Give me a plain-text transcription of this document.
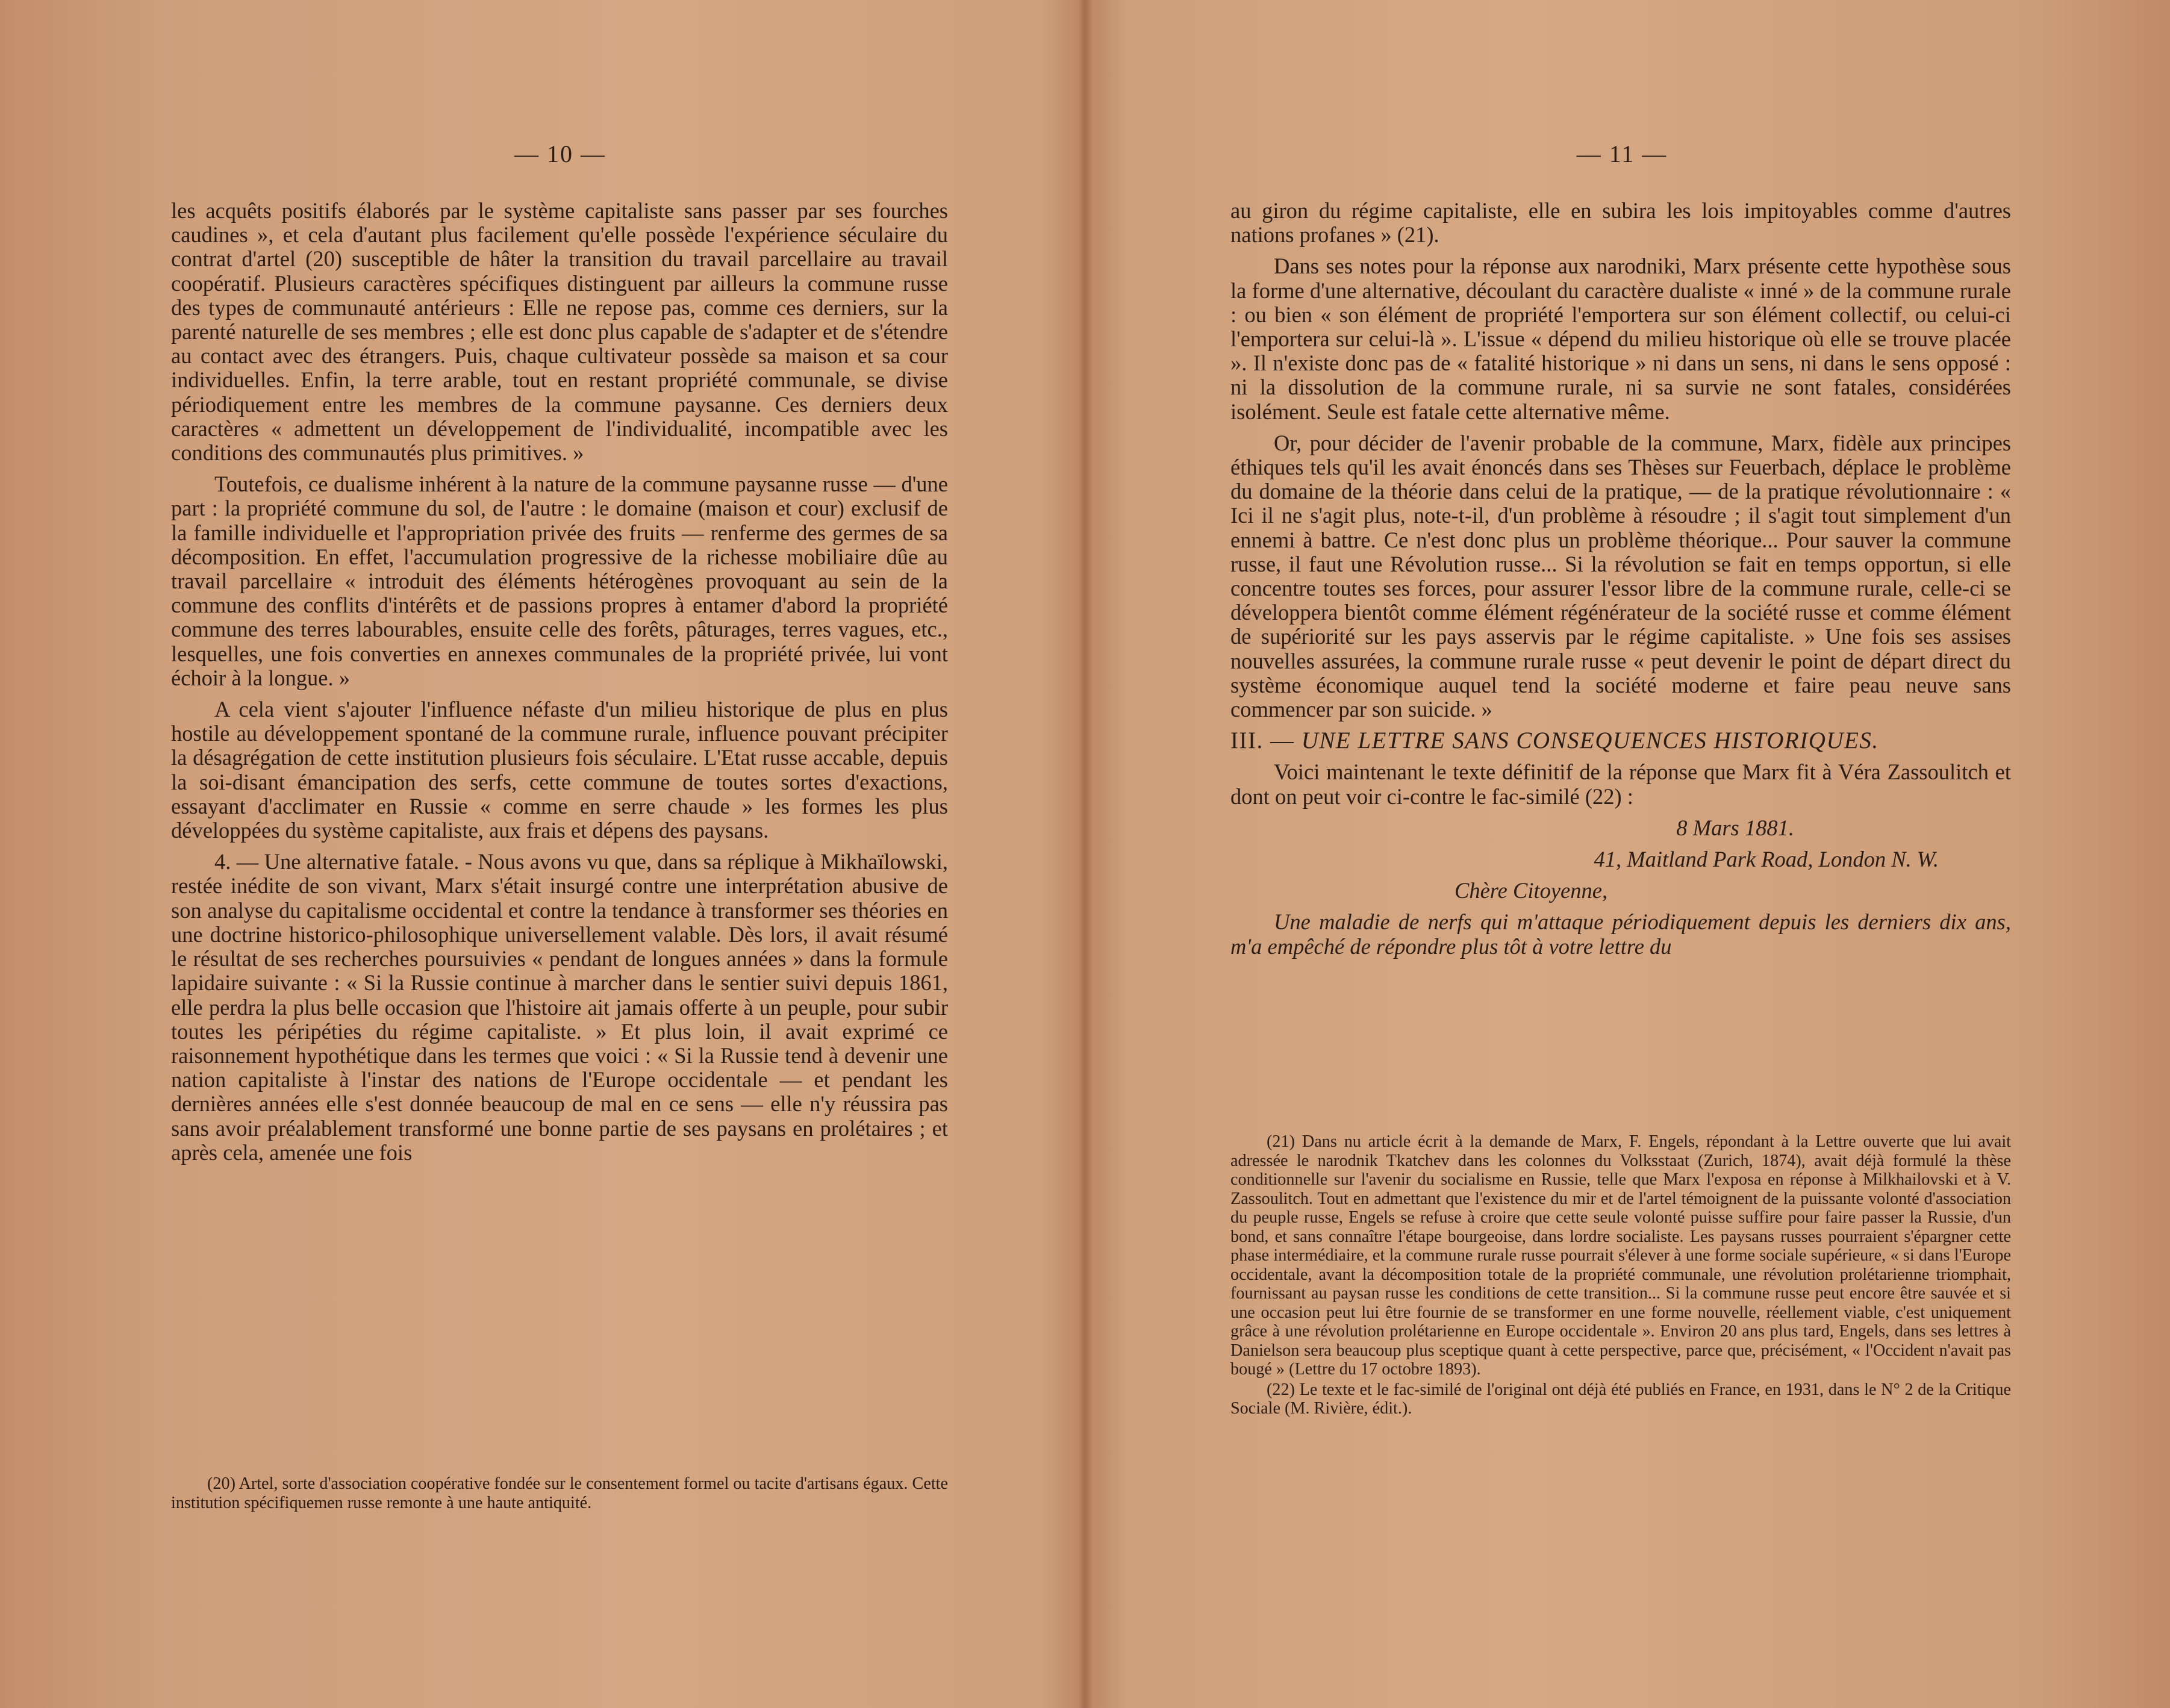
— 10 —

les acquêts positifs élaborés par le système capitaliste sans passer par ses fourches caudines », et cela d'autant plus facilement qu'elle possède l'expérience séculaire du contrat d'artel (20) susceptible de hâter la transition du travail parcellaire au travail coopératif. Plusieurs caractères spécifiques distinguent par ailleurs la commune russe des types de communauté antérieurs : Elle ne repose pas, comme ces derniers, sur la parenté naturelle de ses membres ; elle est donc plus capable de s'adapter et de s'étendre au contact avec des étrangers. Puis, chaque cultivateur possède sa maison et sa cour individuelles. Enfin, la terre arable, tout en restant propriété communale, se divise périodiquement entre les membres de la commune paysanne. Ces derniers deux caractères « admettent un développement de l'individualité, incompatible avec les conditions des communautés plus primitives. »

Toutefois, ce dualisme inhérent à la nature de la commune paysanne russe — d'une part : la propriété commune du sol, de l'autre : le domaine (maison et cour) exclusif de la famille individuelle et l'appropriation privée des fruits — renferme des germes de sa décomposition. En effet, l'accumulation progressive de la richesse mobiliaire dûe au travail parcellaire « introduit des éléments hétérogènes provoquant au sein de la commune des conflits d'intérêts et de passions propres à entamer d'abord la propriété commune des terres labourables, ensuite celle des forêts, pâturages, terres vagues, etc., lesquelles, une fois converties en annexes communales de la propriété privée, lui vont échoir à la longue. »

A cela vient s'ajouter l'influence néfaste d'un milieu historique de plus en plus hostile au développement spontané de la commune rurale, influence pouvant précipiter la désagrégation de cette institution plusieurs fois séculaire. L'Etat russe accable, depuis la soi-disant émancipation des serfs, cette commune de toutes sortes d'exactions, essayant d'acclimater en Russie « comme en serre chaude » les formes les plus développées du système capitaliste, aux frais et dépens des paysans.

4. — Une alternative fatale. - Nous avons vu que, dans sa réplique à Mikhaïlowski, restée inédite de son vivant, Marx s'était insurgé contre une interprétation abusive de son analyse du capitalisme occidental et contre la tendance à transformer ses théories en une doctrine historico-philosophique universellement valable. Dès lors, il avait résumé le résultat de ses recherches poursuivies « pendant de longues années » dans la formule lapidaire suivante : « Si la Russie continue à marcher dans le sentier suivi depuis 1861, elle perdra la plus belle occasion que l'histoire ait jamais offerte à un peuple, pour subir toutes les péripéties du régime capitaliste. » Et plus loin, il avait exprimé ce raisonnement hypothétique dans les termes que voici : « Si la Russie tend à devenir une nation capitaliste à l'instar des nations de l'Europe occidentale — et pendant les dernières années elle s'est donnée beaucoup de mal en ce sens — elle n'y réussira pas sans avoir préalablement transformé une bonne partie de ses paysans en prolétaires ; et après cela, amenée une fois

(20) Artel, sorte d'association coopérative fondée sur le consentement formel ou tacite d'artisans égaux. Cette institution spécifiquemen russe remonte à une haute antiquité.

— 11 —

au giron du régime capitaliste, elle en subira les lois impitoyables comme d'autres nations profanes » (21).

Dans ses notes pour la réponse aux narodniki, Marx présente cette hypothèse sous la forme d'une alternative, découlant du caractère dualiste « inné » de la commune rurale : ou bien « son élément de propriété l'emportera sur son élément collectif, ou celui-ci l'emportera sur celui-là ». L'issue « dépend du milieu historique où elle se trouve placée ». Il n'existe donc pas de « fatalité historique » ni dans un sens, ni dans le sens opposé : ni la dissolution de la commune rurale, ni sa survie ne sont fatales, considérées isolément. Seule est fatale cette alternative même.

Or, pour décider de l'avenir probable de la commune, Marx, fidèle aux principes éthiques tels qu'il les avait énoncés dans ses Thèses sur Feuerbach, déplace le problème du domaine de la théorie dans celui de la pratique, — de la pratique révolutionnaire : « Ici il ne s'agit plus, note-t-il, d'un problème à résoudre ; il s'agit tout simplement d'un ennemi à battre. Ce n'est donc plus un problème théorique... Pour sauver la commune russe, il faut une Révolution russe... Si la révolution se fait en temps opportun, si elle concentre toutes ses forces, pour assurer l'essor libre de la commune rurale, celle-ci se développera bientôt comme élément régénérateur de la société russe et comme élément de supériorité sur les pays asservis par le régime capitaliste. » Une fois ses assises nouvelles assurées, la commune rurale russe « peut devenir le point de départ direct du système économique auquel tend la société moderne et faire peau neuve sans commencer par son suicide. »

III. — UNE LETTRE SANS CONSEQUENCES HISTORIQUES.

Voici maintenant le texte définitif de la réponse que Marx fit à Véra Zassoulitch et dont on peut voir ci-contre le fac-similé (22) :

8 Mars 1881.

41, Maitland Park Road, London N. W.

Chère Citoyenne,

Une maladie de nerfs qui m'attaque périodiquement depuis les derniers dix ans, m'a empêché de répondre plus tôt à votre lettre du

(21) Dans nu article écrit à la demande de Marx, F. Engels, répondant à la Lettre ouverte que lui avait adressée le narodnik Tkatchev dans les colonnes du Volksstaat (Zurich, 1874), avait déjà formulé la thèse conditionnelle sur l'avenir du socialisme en Russie, telle que Marx l'exposa en réponse à Milkhailovski et à V. Zassoulitch. Tout en admettant que l'existence du mir et de l'artel témoignent de la puissante volonté d'association du peuple russe, Engels se refuse à croire que cette seule volonté puisse suffire pour faire passer la Russie, d'un bond, et sans connaître l'étape bourgeoise, dans lordre socialiste. Les paysans russes pourraient s'épargner cette phase intermédiaire, et la commune rurale russe pourrait s'élever à une forme sociale supérieure, « si dans l'Europe occidentale, avant la décomposition totale de la propriété communale, une révolution prolétarienne triomphait, fournissant au paysan russe les conditions de cette transition... Si la commune russe peut encore être sauvée et si une occasion peut lui être fournie de se transformer en une forme nouvelle, réellement viable, c'est uniquement grâce à une révolution prolétarienne en Europe occidentale ». Environ 20 ans plus tard, Engels, dans ses lettres à Danielson sera beaucoup plus sceptique quant à cette perspective, parce que, précisément, « l'Occident n'avait pas bougé » (Lettre du 17 octobre 1893).

(22) Le texte et le fac-similé de l'original ont déjà été publiés en France, en 1931, dans le N° 2 de la Critique Sociale (M. Rivière, édit.).
